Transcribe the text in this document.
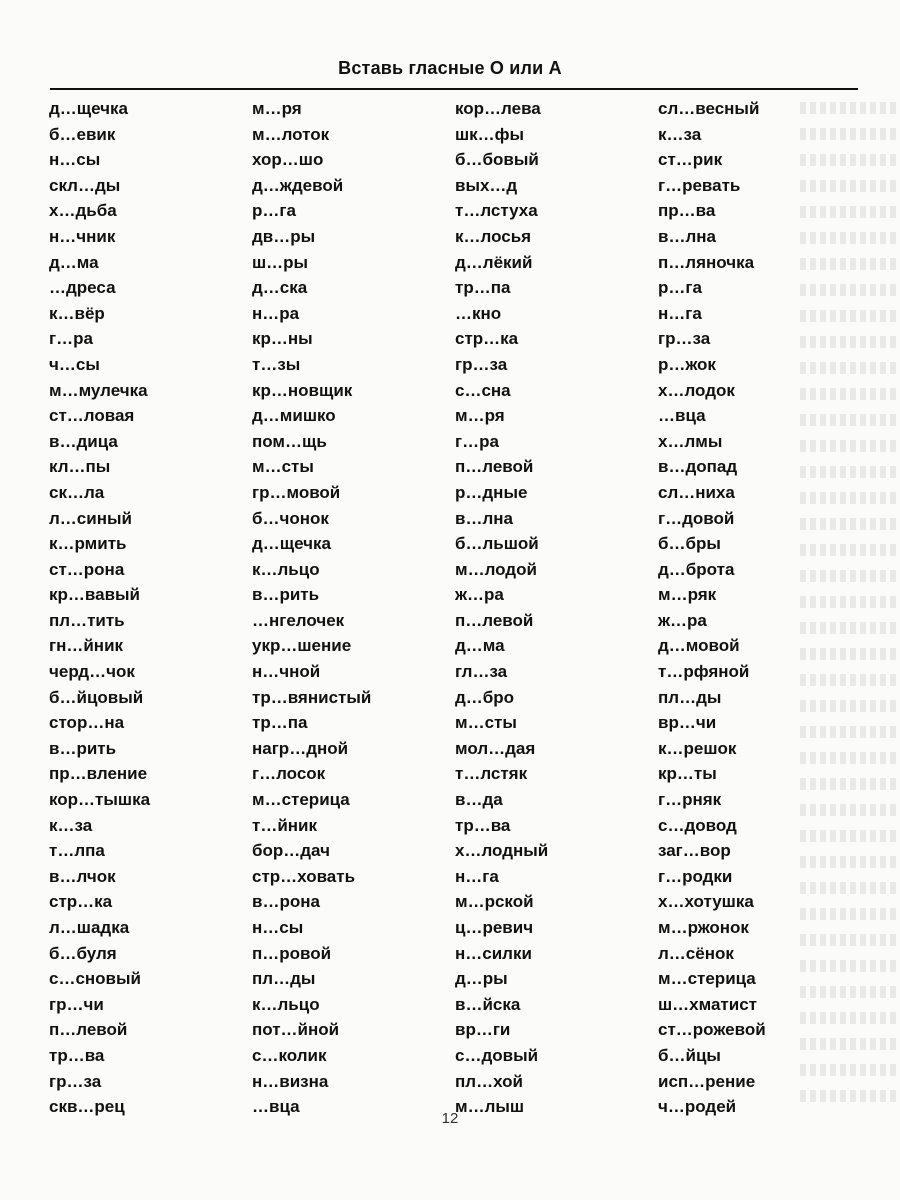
Вставь гласные О или А
д…щечка
б…евик
н…сы
скл…ды
х…дьба
н…чник
д…ма
…дреса
к…вёр
г…ра
ч…сы
м…мулечка
ст…ловая
в…дица
кл…пы
ск…ла
л…синый
к…рмить
ст…рона
кр…вавый
пл…тить
гн…йник
черд…чок
б…йцовый
стор…на
в…рить
пр…вление
кор…тышка
к…за
т…лпа
в…лчок
стр…ка
л…шадка
б…буля
с…сновый
гр…чи
п…левой
тр…ва
гр…за
скв…рец
м…ря
м…лоток
хор…шо
д…ждевой
р…га
дв…ры
ш…ры
д…ска
н…ра
кр…ны
т…зы
кр…новщик
д…мишко
пом…щь
м…сты
гр…мовой
б…чонок
д…щечка
к…льцо
в…рить
…нгелочек
укр…шение
н…чной
тр…вянистый
тр…па
нагр…дной
г…лосок
м…стерица
т…йник
бор…дач
стр…ховать
в…рона
н…сы
п…ровой
пл…ды
к…льцо
пот…йной
с…колик
н…визна
…вца
кор…лева
шк…фы
б…бовый
вых…д
т…лстуха
к…лосья
д…лёкий
тр…па
…кно
стр…ка
гр…за
с…сна
м…ря
г…ра
п…левой
р…дные
в…лна
б…льшой
м…лодой
ж…ра
п…левой
д…ма
гл…за
д…бро
м…сты
мол…дая
т…лстяк
в…да
тр…ва
х…лодный
н…га
м…рской
ц…ревич
н…силки
д…ры
в…йска
вр…ги
с…довый
пл…хой
м…лыш
сл…весный
к…за
ст…рик
г…ревать
пр…ва
в…лна
п…ляночка
р…га
н…га
гр…за
р…жок
х…лодок
…вца
х…лмы
в…допад
сл…ниха
г…довой
б…бры
д…брота
м…ряк
ж…ра
д…мовой
т…рфяной
пл…ды
вр…чи
к…решок
кр…ты
г…рняк
с…довод
заг…вор
г…родки
х…хотушка
м…ржонок
л…сёнок
м…стерица
ш…хматист
ст…рожевой
б…йцы
исп…рение
ч…родей
12
